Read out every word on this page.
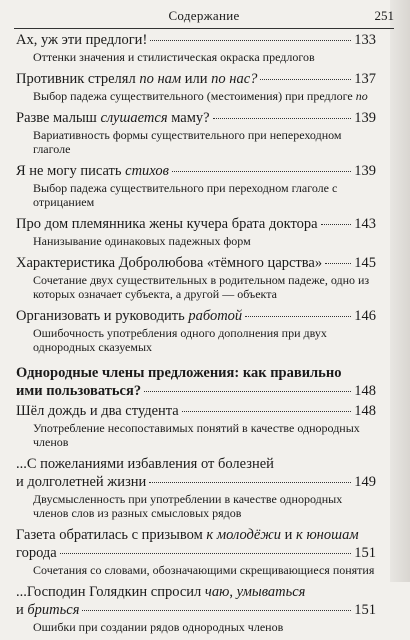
Содержание	251
Ах, уж эти предлоги!	133
Оттенки значения и стилистическая окраска предлогов
Противник стрелял по нам или по нас?	137
Выбор падежа существительного (местоимения) при предлоге по
Разве малыш слушается маму?	139
Вариативность формы существительного при непереходном глаголе
Я не могу писать стихов	139
Выбор падежа существительного при переходном глаголе с отрицанием
Про дом племянника жены кучера брата доктора	143
Нанизывание одинаковых падежных форм
Характеристика Добролюбова «тёмного царства» 145
Сочетание двух существительных в родительном падеже, одно из которых означает субъекта, а другой — объекта
Организовать и руководить работой	146
Ошибочность употребления одного дополнения при двух однородных сказуемых
Однородные члены предложения: как правильно
ими пользоваться?	148
Шёл дождь и два студента	148
Употребление несопоставимых понятий в качестве однородных членов
...С пожеланиями избавления от болезней
и долголетней жизни	149
Двусмысленность при употреблении в качестве однородных членов слов из разных смысловых рядов
Газета обратилась с призывом к молодёжи и к юношам
города	151
Сочетания со словами, обозначающими скрещивающиеся понятия
...Господин Голядкин спросил чаю, умываться
и бриться	151
Ошибки при создании рядов однородных членов
